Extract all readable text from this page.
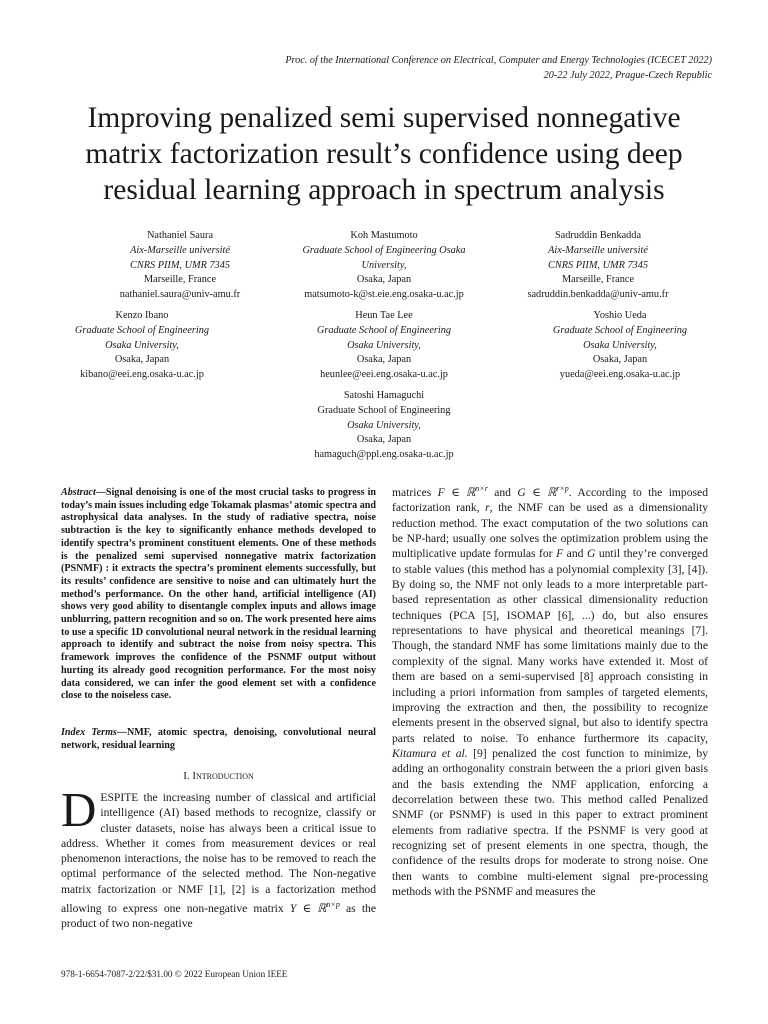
Proc. of the International Conference on Electrical, Computer and Energy Technologies (ICECET 2022)
20-22 July 2022, Prague-Czech Republic
Improving penalized semi supervised nonnegative
matrix factorization result’s confidence using deep
residual learning approach in spectrum analysis
Nathaniel Saura
Aix-Marseille université
CNRS PIIM, UMR 7345
Marseille, France
nathaniel.saura@univ-amu.fr
Koh Mastumoto
Graduate School of Engineering Osaka
University,
Osaka, Japan
matsumoto-k@st.eie.eng.osaka-u.ac.jp
Sadruddin Benkadda
Aix-Marseille université
CNRS PIIM, UMR 7345
Marseille, France
sadruddin.benkadda@univ-amu.fr
Kenzo Ibano
Graduate School of Engineering
Osaka University,
Osaka, Japan
kibano@eei.eng.osaka-u.ac.jp
Heun Tae Lee
Graduate School of Engineering
Osaka University,
Osaka, Japan
heunlee@eei.eng.osaka-u.ac.jp
Yoshio Ueda
Graduate School of Engineering
Osaka University,
Osaka, Japan
yueda@eei.eng.osaka-u.ac.jp
Satoshi Hamaguchi
Graduate School of Engineering
Osaka University,
Osaka, Japan
hamaguch@ppl.eng.osaka-u.ac.jp
Abstract—Signal denoising is one of the most crucial tasks to progress in today’s main issues including edge Tokamak plasmas’ atomic spectra and astrophysical data analyses. In the study of radiative spectra, noise subtraction is the key to significantly enhance methods developed to identify spectra’s prominent constituent elements. One of these methods is the penalized semi supervised nonnegative matrix factorization (PSNMF) : it extracts the spectra’s prominent elements successfully, but its results’ confidence are sensitive to noise and can ultimately hurt the method’s performance. On the other hand, artificial intelligence (AI) shows very good ability to disentangle complex inputs and allows image unblurring, pattern recognition and so on. The work presented here aims to use a specific 1D convolutional neural network in the residual learning approach to identify and subtract the noise from noisy spectra. This framework improves the confidence of the PSNMF output without hurting its already good recognition performance. For the most noisy data considered, we can infer the good element set with a confidence close to the noiseless case.
Index Terms—NMF, atomic spectra, denoising, convolutional neural network, residual learning
I. Introduction
DESPITE the increasing number of classical and artificial intelligence (AI) based methods to recognize, classify or cluster datasets, noise has always been a critical issue to address. Whether it comes from measurement devices or real phenomenon interactions, the noise has to be removed to reach the optimal performance of the selected method. The Non-negative matrix factorization or NMF [1], [2] is a factorization method allowing to express one non-negative matrix Y ∈ ℝ$^{n\times p}$ as the product of two non-negative
matrices F ∈ ℝ$^{n\times r}$ and G ∈ ℝ$^{r\times p}$. According to the imposed factorization rank, r, the NMF can be used as a dimensionality reduction method. The exact computation of the two solutions can be NP-hard; usually one solves the optimization problem using the multiplicative update formulas for F and G until they’re converged to stable values (this method has a polynomial complexity [3], [4]). By doing so, the NMF not only leads to a more interpretable part-based representation as other classical dimensionality reduction techniques (PCA [5], ISOMAP [6], ...) do, but also ensures representations to have physical and theoretical meanings [7]. Though, the standard NMF has some limitations mainly due to the complexity of the signal. Many works have extended it. Most of them are based on a semi-supervised [8] approach consisting in including a priori information from samples of targeted elements, improving the extraction and then, the possibility to recognize elements present in the observed signal, but also to identify spectra parts related to noise. To enhance furthermore its capacity, Kitamura et al. [9] penalized the cost function to minimize, by adding an orthogonality constrain between the a priori given basis and the basis extending the NMF application, enforcing a decorrelation between these two. This method called Penalized SNMF (or PSNMF) is used in this paper to extract prominent elements from radiative spectra. If the PSNMF is very good at recognizing set of present elements in one spectra, though, the confidence of the results drops for moderate to strong noise. One then wants to combine multi-element signal pre-processing methods with the PSNMF and measures the
978-1-6654-7087-2/22/$31.00 © 2022 European Union IEEE
